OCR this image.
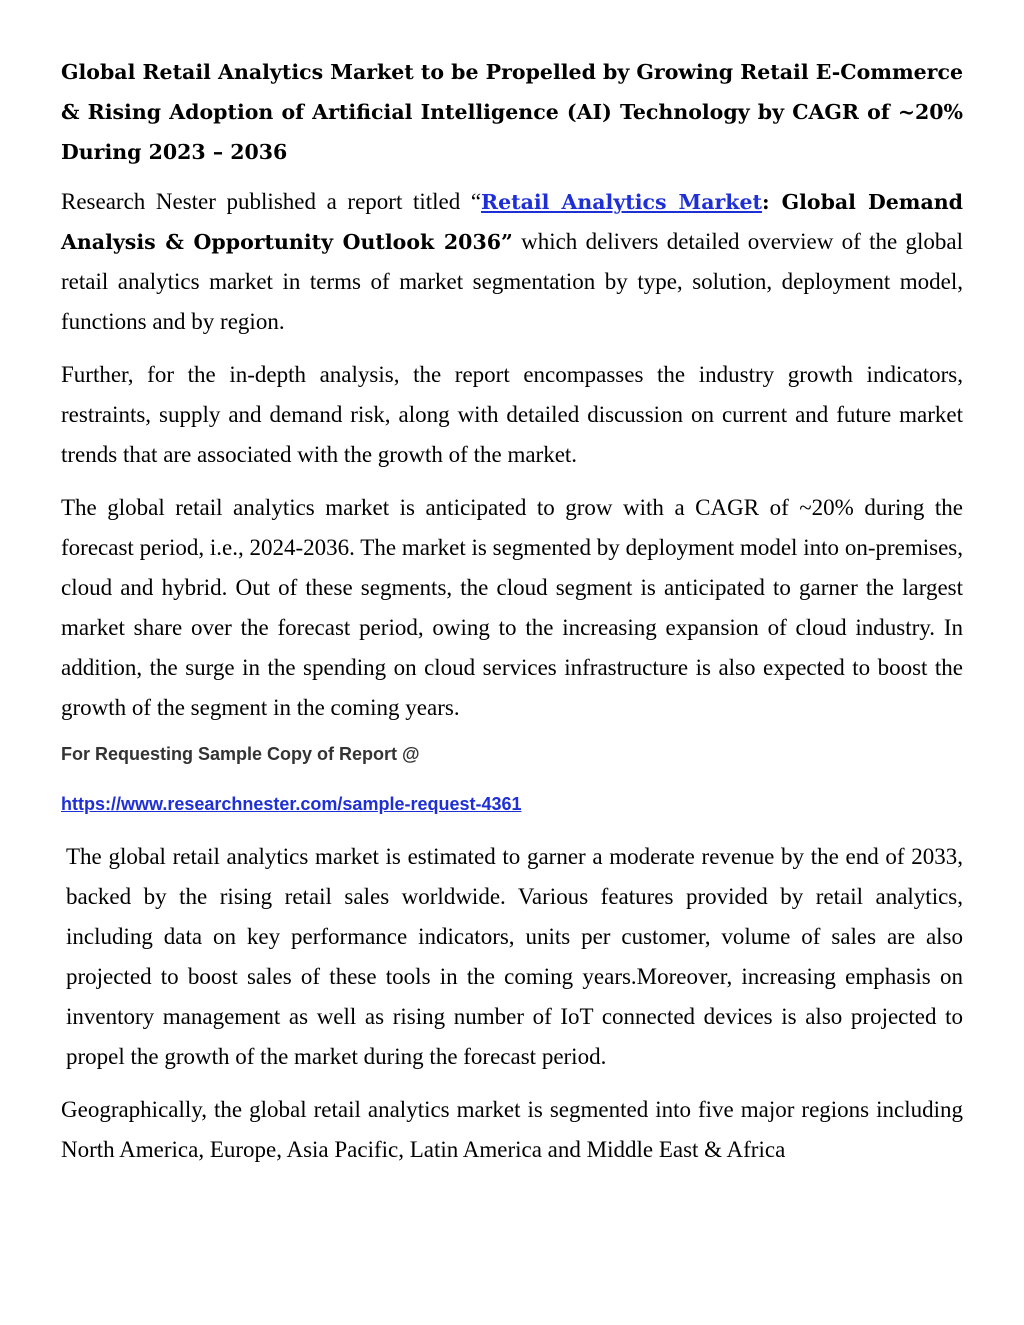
Global Retail Analytics Market to be Propelled by Growing Retail E-Commerce & Rising Adoption of Artificial Intelligence (AI) Technology by CAGR of ~20% During 2023 – 2036

Research Nester published a report titled “Retail Analytics Market: Global Demand Analysis & Opportunity Outlook 2036” which delivers detailed overview of the global retail analytics market in terms of market segmentation by type, solution, deployment model, functions and by region.

Further, for the in-depth analysis, the report encompasses the industry growth indicators, restraints, supply and demand risk, along with detailed discussion on current and future market trends that are associated with the growth of the market.

The global retail analytics market is anticipated to grow with a CAGR of ~20% during the forecast period, i.e., 2024-2036. The market is segmented by deployment model into on-premises, cloud and hybrid. Out of these segments, the cloud segment is anticipated to garner the largest market share over the forecast period, owing to the increasing expansion of cloud industry. In addition, the surge in the spending on cloud services infrastructure is also expected to boost the growth of the segment in the coming years.

For Requesting Sample Copy of Report @
https://www.researchnester.com/sample-request-4361

The global retail analytics market is estimated to garner a moderate revenue by the end of 2033, backed by the rising retail sales worldwide. Various features provided by retail analytics, including data on key performance indicators, units per customer, volume of sales are also projected to boost sales of these tools in the coming years.Moreover, increasing emphasis on inventory management as well as rising number of IoT connected devices is also projected to propel the growth of the market during the forecast period.

Geographically, the global retail analytics market is segmented into five major regions including North America, Europe, Asia Pacific, Latin America and Middle East & Africa
